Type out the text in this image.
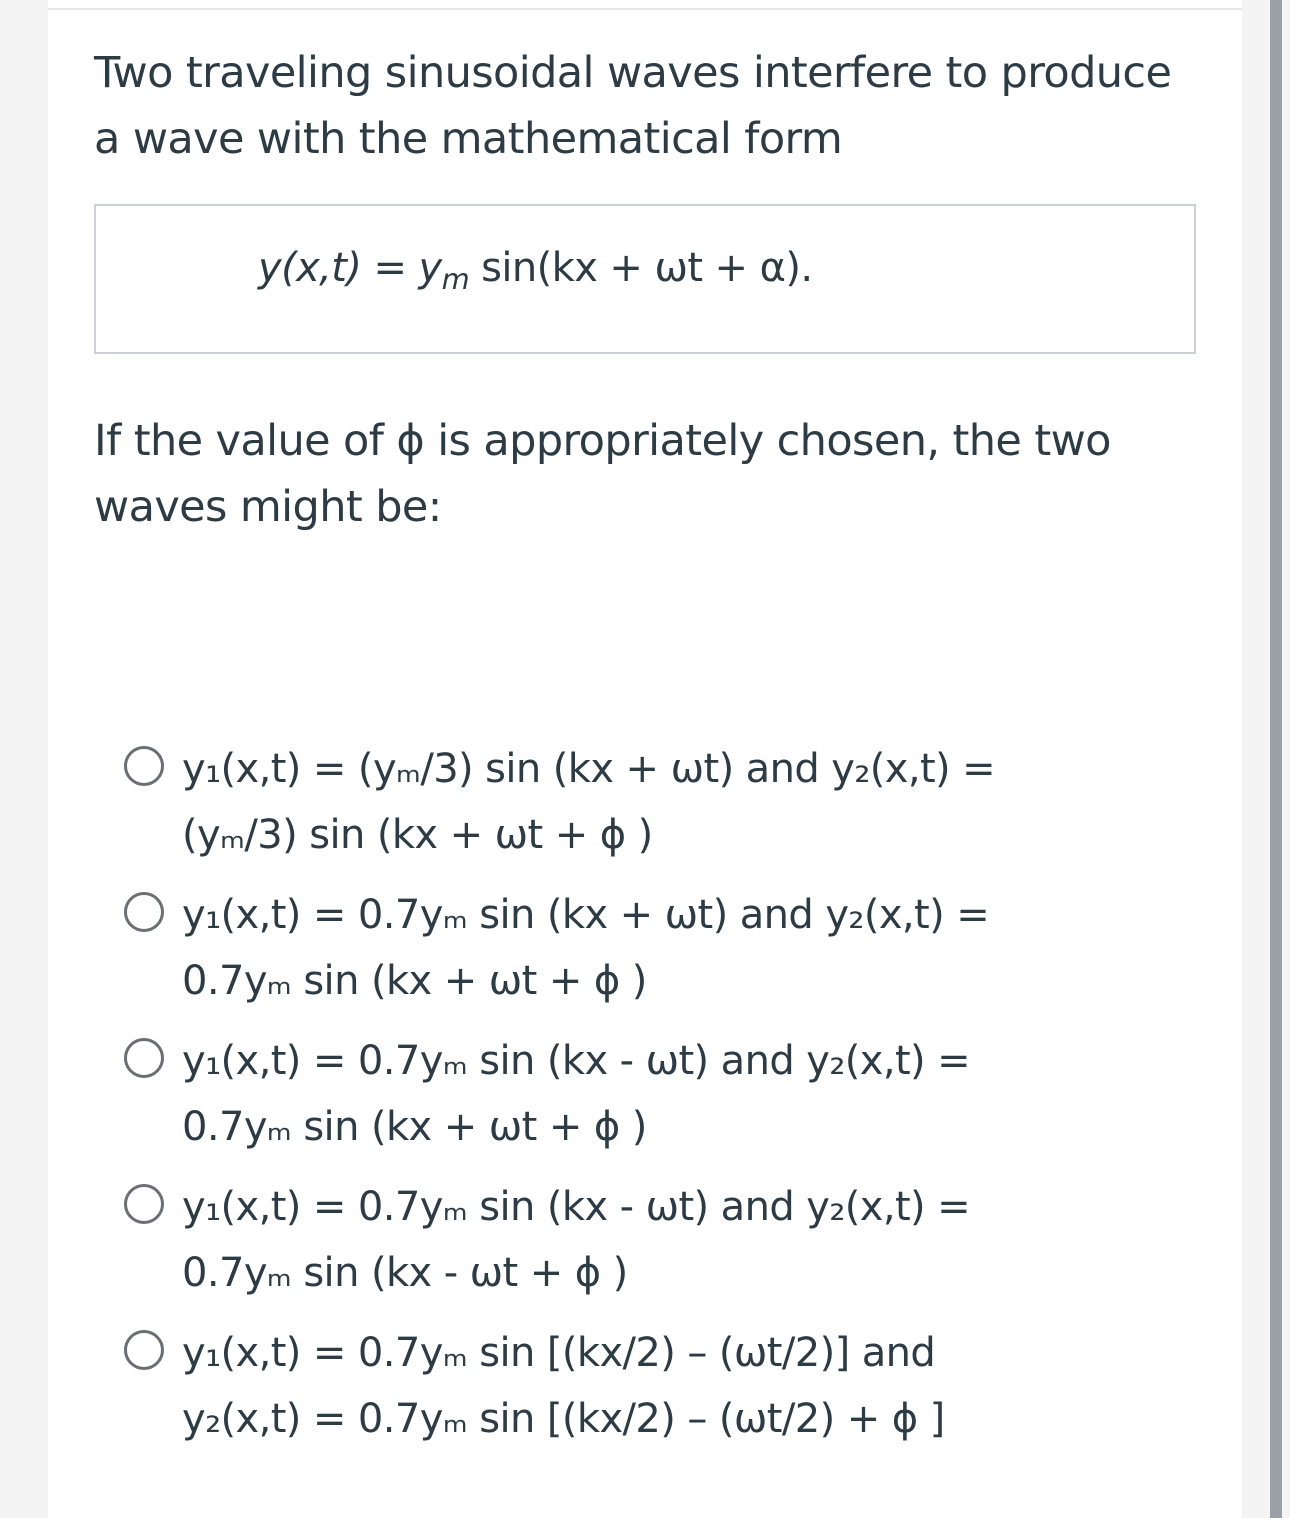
Two traveling sinusoidal waves interfere to produce a wave with the mathematical form
$y(x,t) = y_m$ sin(kx + ωt + α).
If the value of ϕ is appropriately chosen, the two waves might be:
y₁(x,t) = (yₘ/3) sin (kx + ωt) and y₂(x,t) =
(yₘ/3) sin (kx + ωt + ϕ )
y₁(x,t) = 0.7yₘ sin (kx + ωt) and y₂(x,t) =
0.7yₘ sin (kx + ωt + ϕ )
y₁(x,t) = 0.7yₘ sin (kx - ωt) and y₂(x,t) =
0.7yₘ sin (kx + ωt + ϕ )
y₁(x,t) = 0.7yₘ sin (kx - ωt) and y₂(x,t) =
0.7yₘ sin (kx - ωt + ϕ )
y₁(x,t) = 0.7yₘ sin [(kx/2) – (ωt/2)] and
y₂(x,t) = 0.7yₘ sin [(kx/2) – (ωt/2) + ϕ ]
